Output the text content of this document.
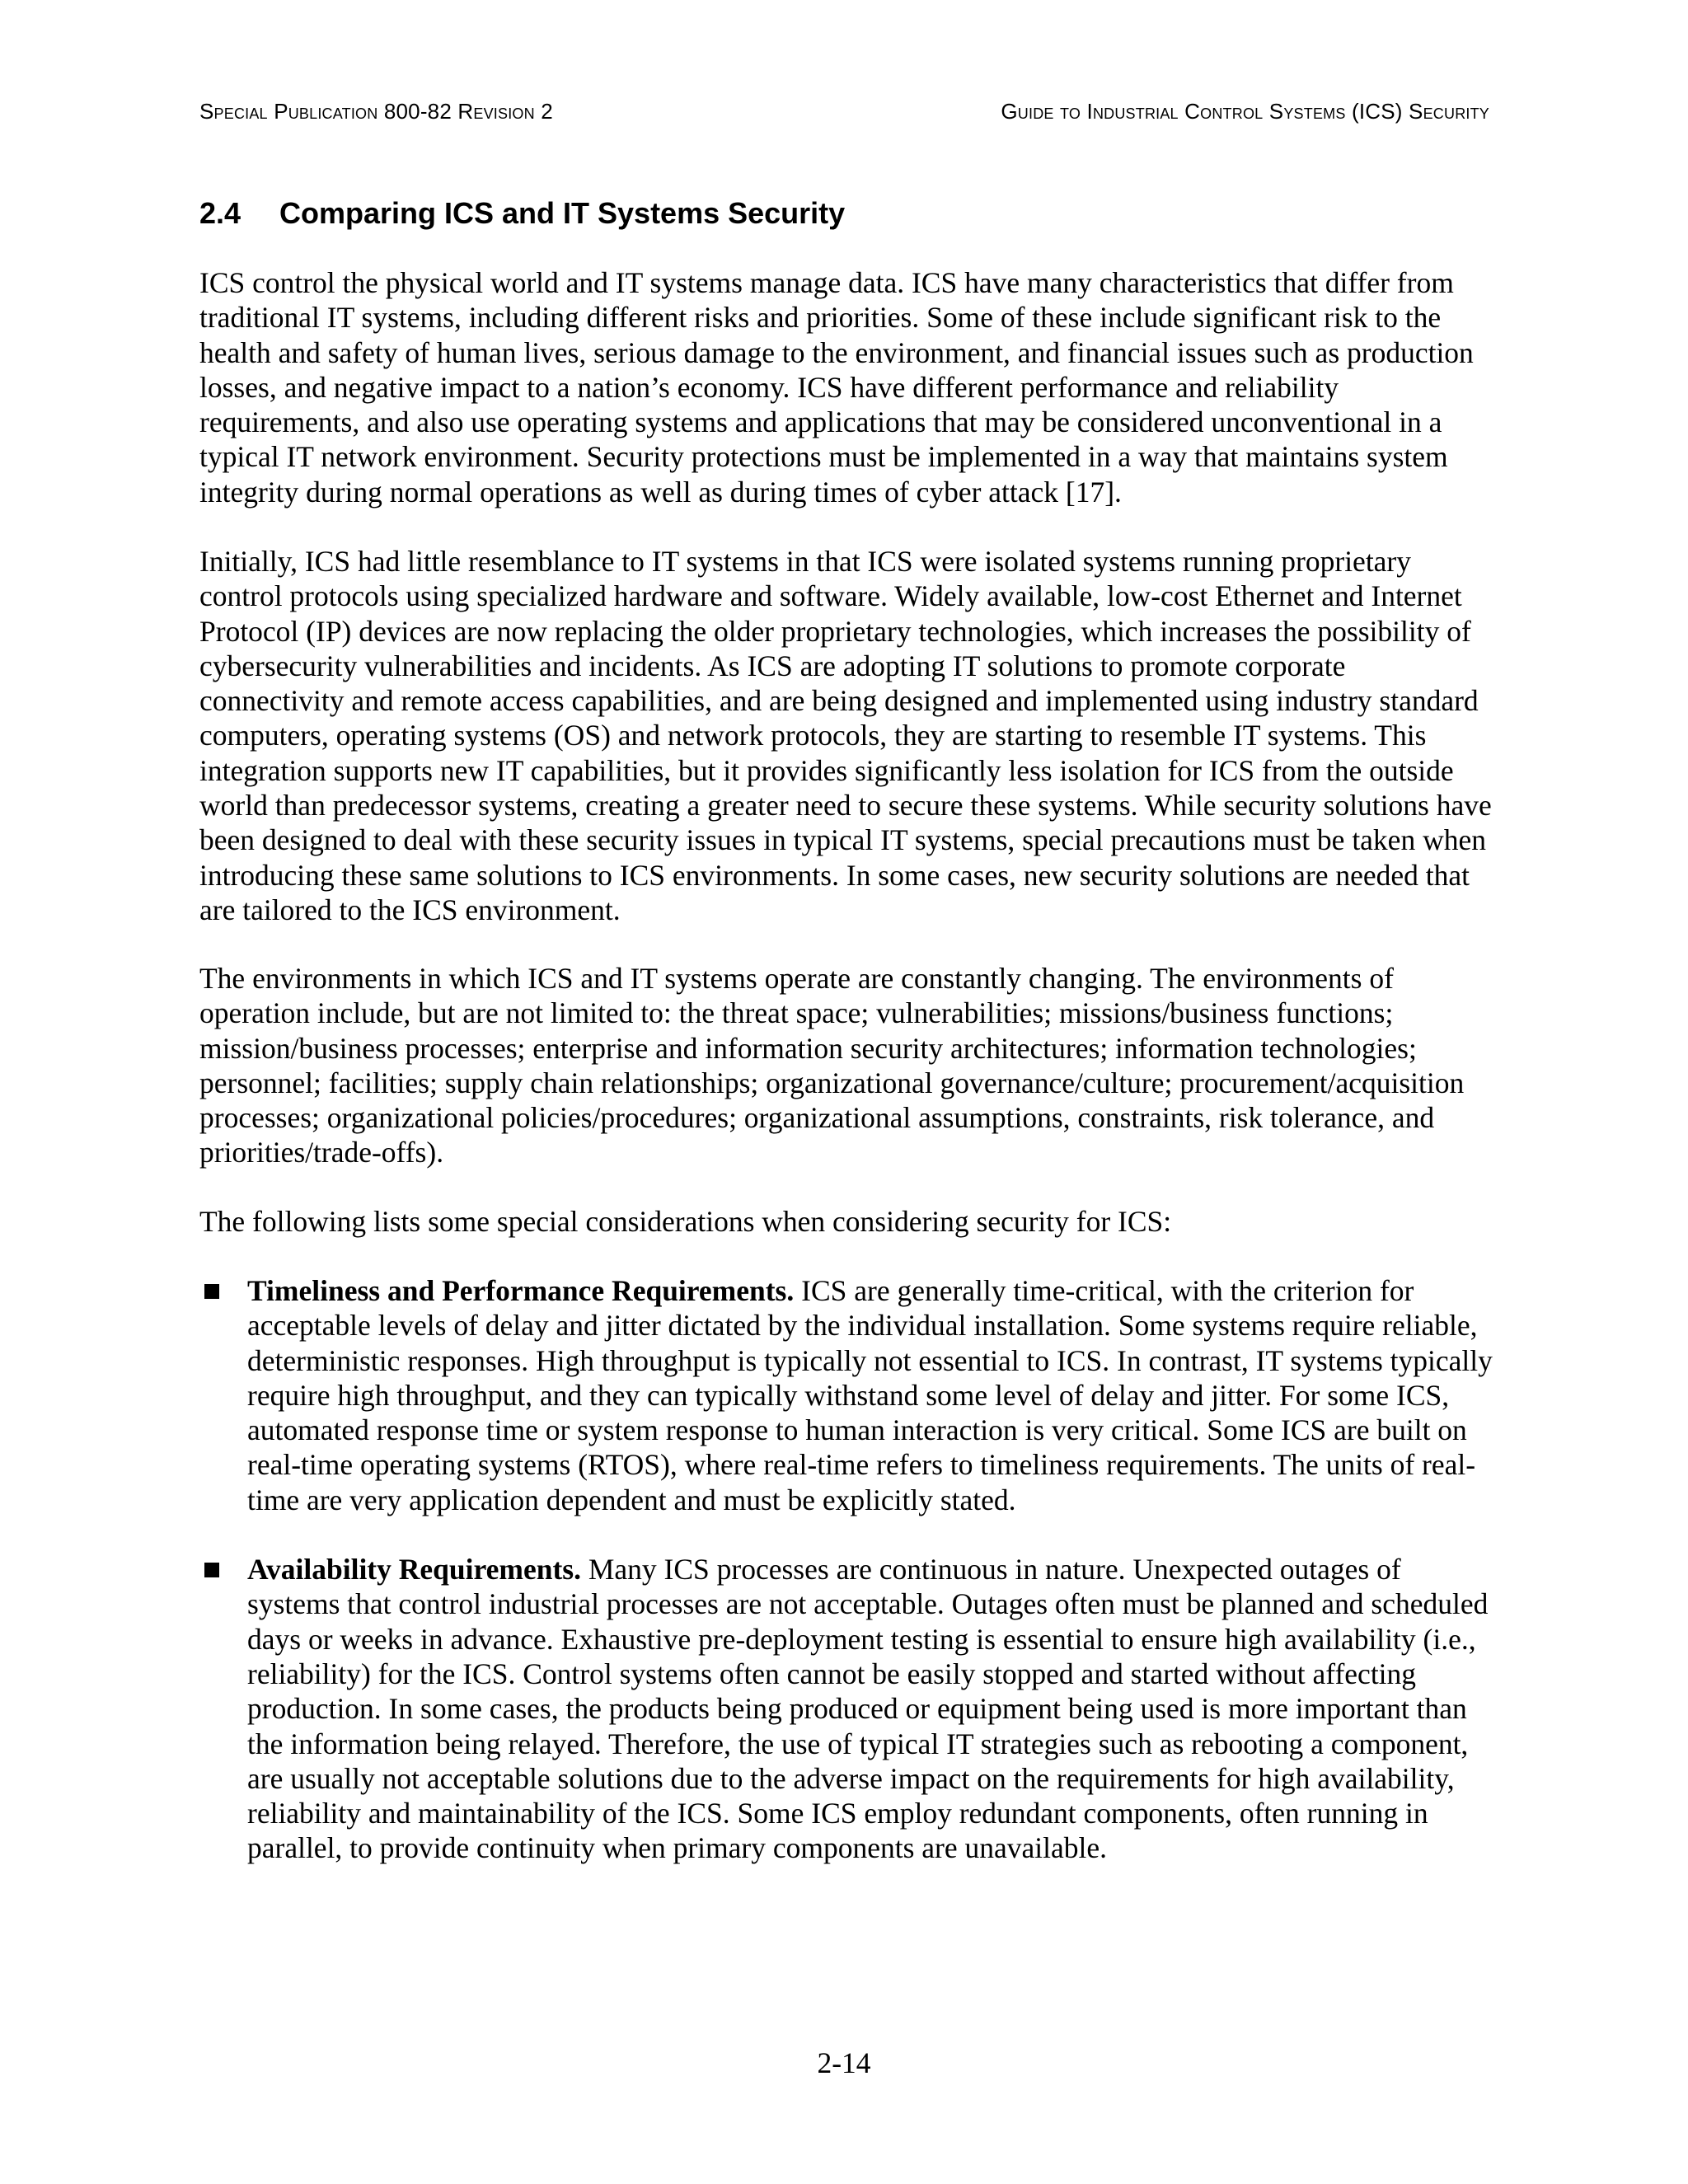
Special Publication 800-82 Revision 2	Guide to Industrial Control Systems (ICS) Security
2.4 Comparing ICS and IT Systems Security

ICS control the physical world and IT systems manage data. ICS have many characteristics that differ from traditional IT systems, including different risks and priorities. Some of these include significant risk to the health and safety of human lives, serious damage to the environment, and financial issues such as production losses, and negative impact to a nation’s economy. ICS have different performance and reliability requirements, and also use operating systems and applications that may be considered unconventional in a typical IT network environment. Security protections must be implemented in a way that maintains system integrity during normal operations as well as during times of cyber attack [17].

Initially, ICS had little resemblance to IT systems in that ICS were isolated systems running proprietary control protocols using specialized hardware and software. Widely available, low-cost Ethernet and Internet Protocol (IP) devices are now replacing the older proprietary technologies, which increases the possibility of cybersecurity vulnerabilities and incidents. As ICS are adopting IT solutions to promote corporate connectivity and remote access capabilities, and are being designed and implemented using industry standard computers, operating systems (OS) and network protocols, they are starting to resemble IT systems. This integration supports new IT capabilities, but it provides significantly less isolation for ICS from the outside world than predecessor systems, creating a greater need to secure these systems. While security solutions have been designed to deal with these security issues in typical IT systems, special precautions must be taken when introducing these same solutions to ICS environments. In some cases, new security solutions are needed that are tailored to the ICS environment.

The environments in which ICS and IT systems operate are constantly changing. The environments of operation include, but are not limited to: the threat space; vulnerabilities; missions/business functions; mission/business processes; enterprise and information security architectures; information technologies; personnel; facilities; supply chain relationships; organizational governance/culture; procurement/acquisition processes; organizational policies/procedures; organizational assumptions, constraints, risk tolerance, and priorities/trade-offs).

The following lists some special considerations when considering security for ICS:

Timeliness and Performance Requirements. ICS are generally time-critical, with the criterion for acceptable levels of delay and jitter dictated by the individual installation. Some systems require reliable, deterministic responses. High throughput is typically not essential to ICS. In contrast, IT systems typically require high throughput, and they can typically withstand some level of delay and jitter. For some ICS, automated response time or system response to human interaction is very critical. Some ICS are built on real-time operating systems (RTOS), where real-time refers to timeliness requirements. The units of real-time are very application dependent and must be explicitly stated.
Availability Requirements. Many ICS processes are continuous in nature. Unexpected outages of systems that control industrial processes are not acceptable. Outages often must be planned and scheduled days or weeks in advance. Exhaustive pre-deployment testing is essential to ensure high availability (i.e., reliability) for the ICS. Control systems often cannot be easily stopped and started without affecting production. In some cases, the products being produced or equipment being used is more important than the information being relayed. Therefore, the use of typical IT strategies such as rebooting a component, are usually not acceptable solutions due to the adverse impact on the requirements for high availability, reliability and maintainability of the ICS. Some ICS employ redundant components, often running in parallel, to provide continuity when primary components are unavailable.
2-14
